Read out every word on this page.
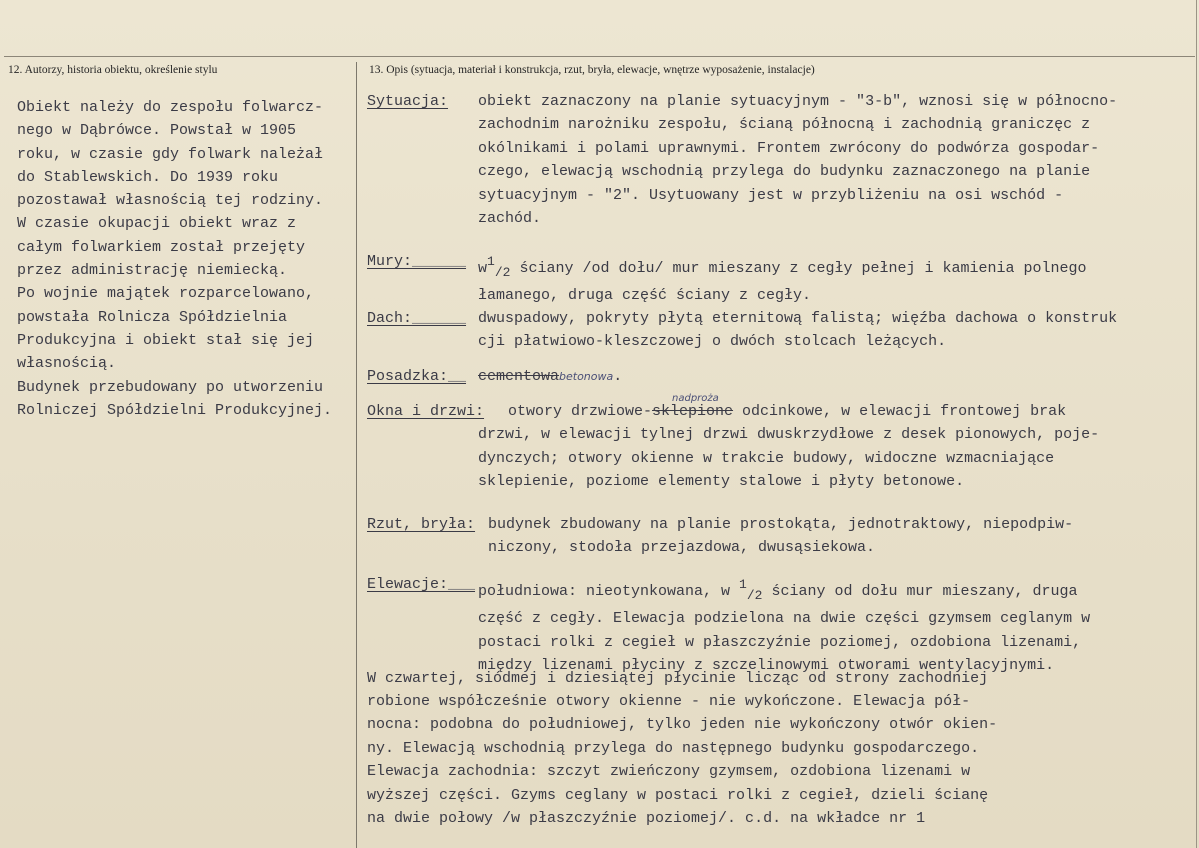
12. Autorzy, historia obiektu, określenie stylu	13. Opis (sytuacja, materiał i konstrukcja, rzut, bryła, elewacje, wnętrze wyposażenie, instalacje)
Obiekt należy do zespołu folwarcz-
nego w Dąbrówce. Powstał w 1905
roku, w czasie gdy folwark należał
do Stablewskich. Do 1939 roku
pozostawał własnością tej rodziny.
W czasie okupacji obiekt wraz z
całym folwarkiem został przejęty
przez administrację niemiecką.
Po wojnie majątek rozparcelowano,
powstała Rolnicza Spółdzielnia
Produkcyjna i obiekt stał się jej
własnością.
Budynek przebudowany po utworzeniu
Rolniczej Spółdzielni Produkcyjnej.
Sytuacja: obiekt zaznaczony na planie sytuacyjnym - "3-b", wznosi się w północno-
zachodnim narożniku zespołu, ścianą północną i zachodnią graniczęc z
okólnikami i polami uprawnymi. Frontem zwrócony do podwórza gospodar-
czego, elewacją wschodnią przylega do budynku zaznaczonego na planie
sytuacyjnym - "2". Usytuowany jest w przybliżeniu na osi wschód -
zachód.
Mury:______ w1/2 ściany /od dołu/ mur mieszany z cegły pełnej i kamienia polnego
łamanego, druga część ściany z cegły.
Dach:______ dwuspadowy, pokryty płytą eternitową falistą; więźba dachowa o konstruk
cji płatwiowo-kleszczowej o dwóch stolcach leżących.
Posadzka:__ cementowabetonowa.
Okna i drzwi:
nadproża
otwory drzwiowe-sklepione odcinkowe, w elewacji frontowej brak
drzwi, w elewacji tylnej drzwi dwuskrzydłowe z desek pionowych, poje-
dynczych; otwory okienne w trakcie budowy, widoczne wzmacniające
sklepienie, poziome elementy stalowe i płyty betonowe.
Rzut, bryła: budynek zbudowany na planie prostokąta, jednotraktowy, niepodpiw-
niczony, stodoła przejazdowa, dwusąsiekowa.
Elewacje:___ południowa: nieotynkowana, w 1/2 ściany od dołu mur mieszany, druga
część z cegły. Elewacja podzielona na dwie części gzymsem ceglanym w
postaci rolki z cegieł w płaszczyźnie poziomej, ozdobiona lizenami,
między lizenami płyciny z szczelinowymi otworami wentylacyjnymi.
W czwartej, siódmej i dziesiątej płycinie licząc od strony zachodniej
robione współcześnie otwory okienne - nie wykończone. Elewacja pół-
nocna: podobna do południowej, tylko jeden nie wykończony otwór okien-
ny. Elewacją wschodnią przylega do następnego budynku gospodarczego.
Elewacja zachodnia: szczyt zwieńczony gzymsem, ozdobiona lizenami w
wyższej części. Gzyms ceglany w postaci rolki z cegieł, dzieli ścianę
na dwie połowy /w płaszczyźnie poziomej/. c.d. na wkładce nr 1
